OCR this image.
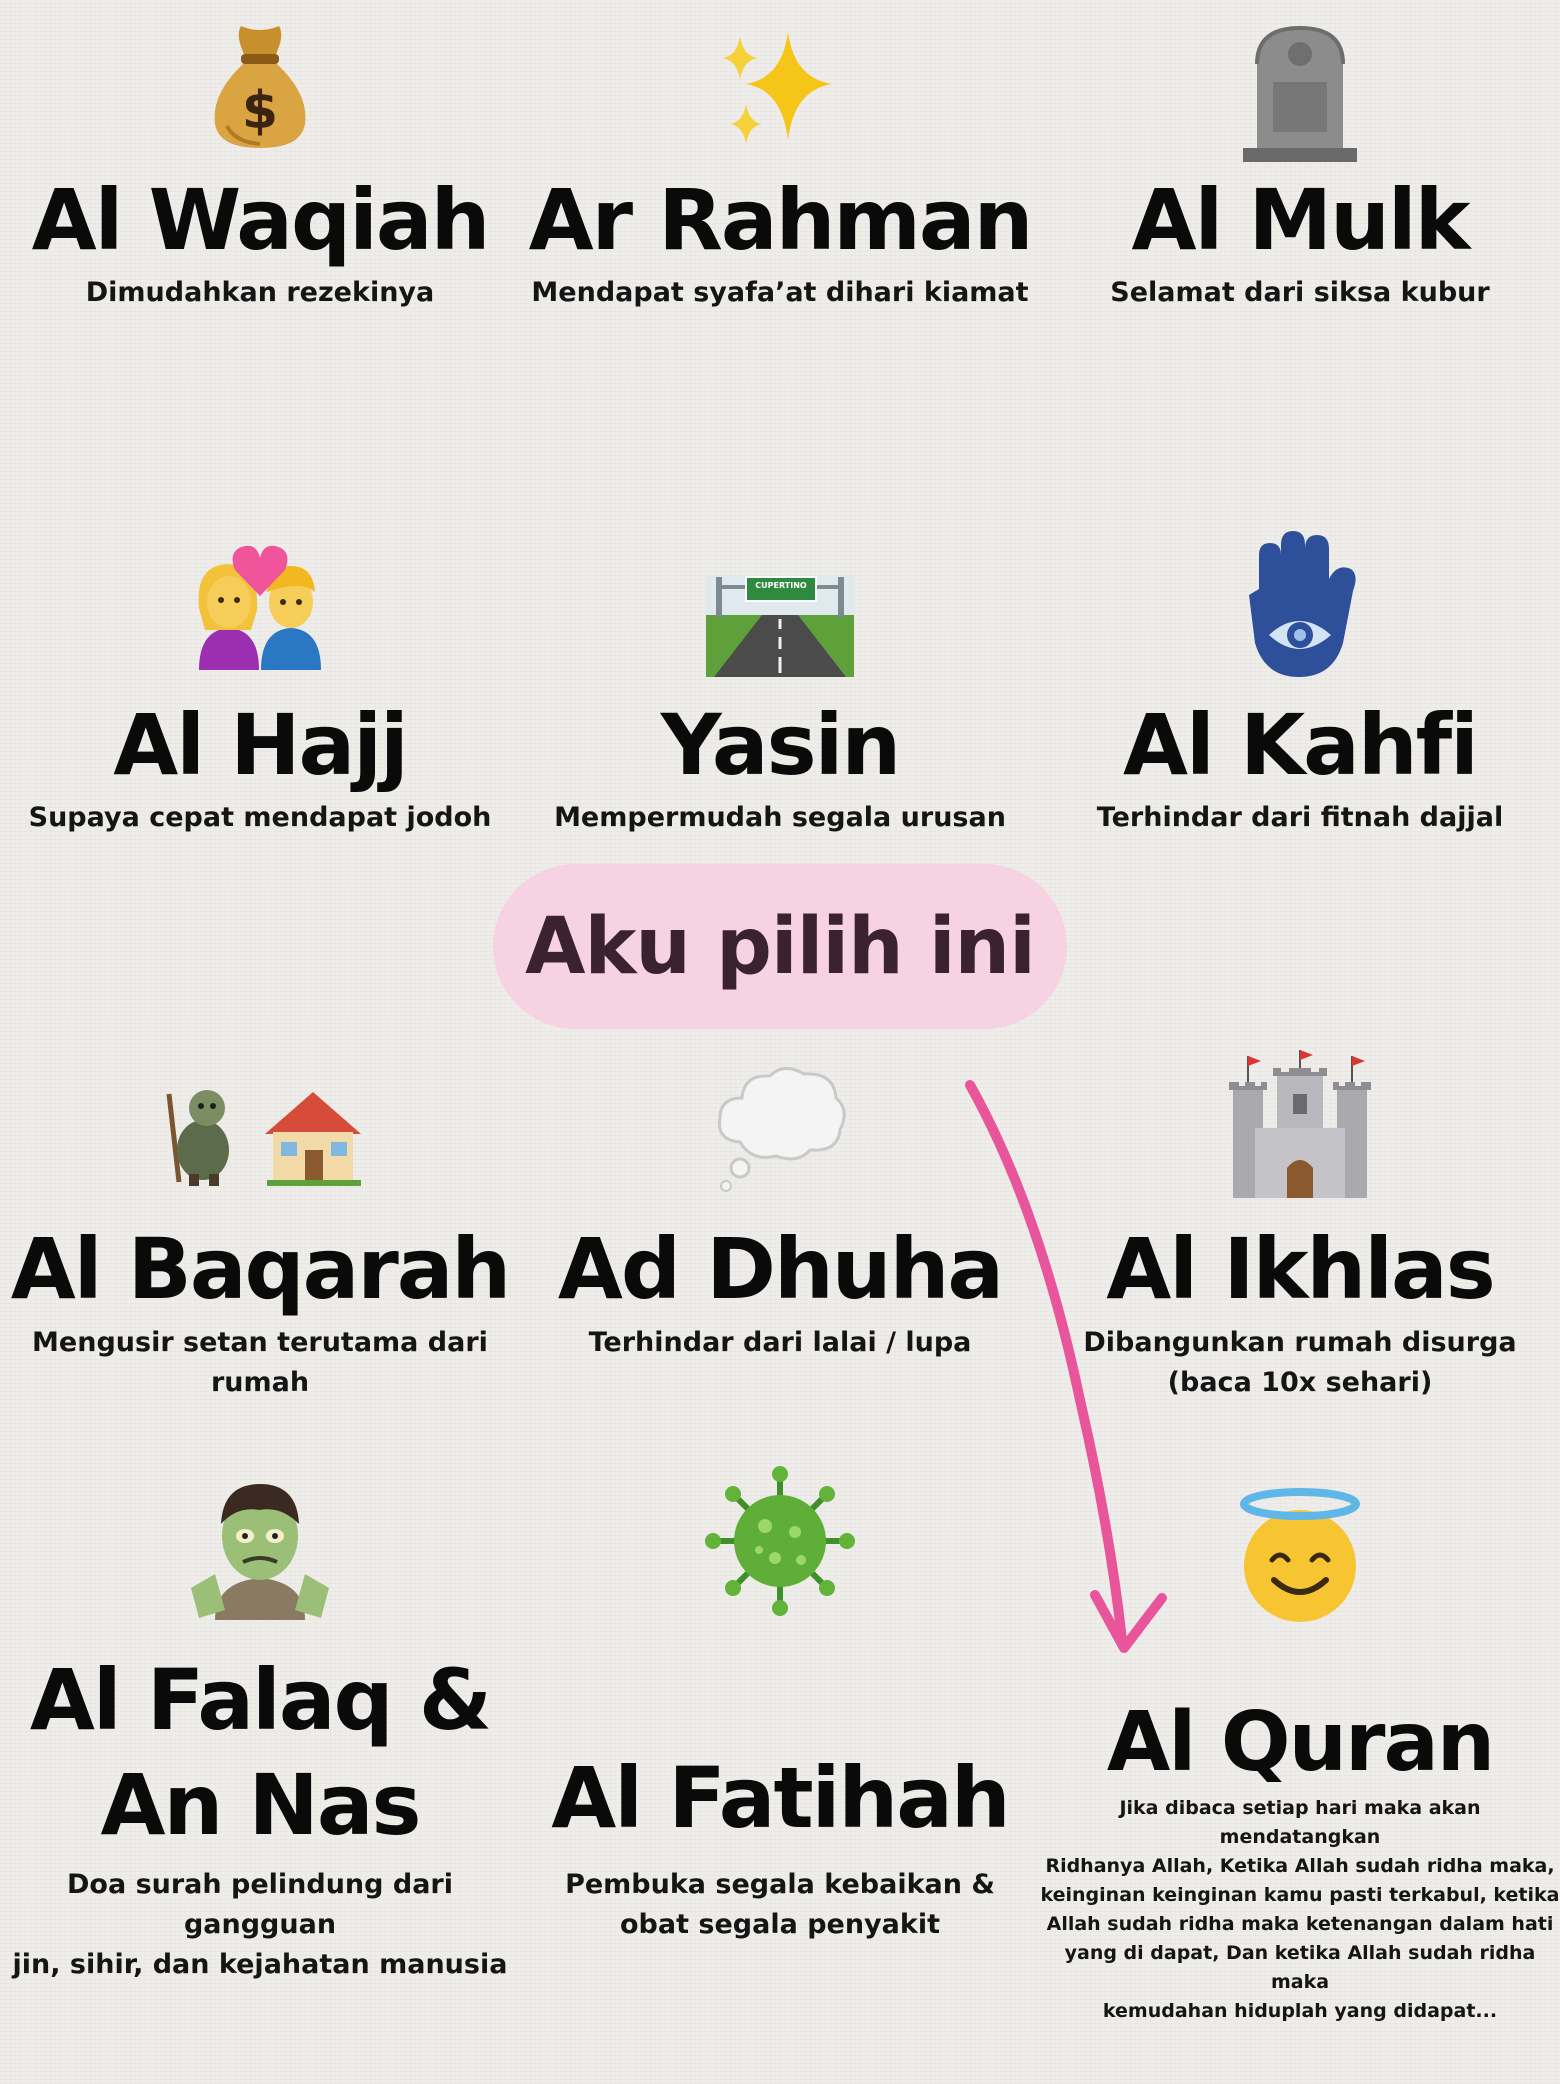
$
Al Waqiah
Dimudahkan rezekinya
Ar Rahman
Mendapat syafa’at dihari kiamat
Al Mulk
Selamat dari siksa kubur
Al Hajj
Supaya cepat mendapat jodoh
CUPERTINO
Yasin
Mempermudah segala urusan
Al Kahfi
Terhindar dari fitnah dajjal
Aku pilih ini
Al Baqarah
Mengusir setan terutama dari rumah
Ad Dhuha
Terhindar dari lalai / lupa
Al Ikhlas
Dibangunkan rumah disurga
(baca 10x sehari)
Al Falaq &
An Nas
Doa surah pelindung dari gangguan
jin, sihir, dan kejahatan manusia
Al Fatihah
Pembuka segala kebaikan &
obat segala penyakit
Al Quran
Jika dibaca setiap hari maka akan mendatangkan
Ridhanya Allah, Ketika Allah sudah ridha maka,
keinginan keinginan kamu pasti terkabul, ketika
Allah sudah ridha maka ketenangan dalam hati
yang di dapat, Dan ketika Allah sudah ridha maka
kemudahan hiduplah yang didapat...
